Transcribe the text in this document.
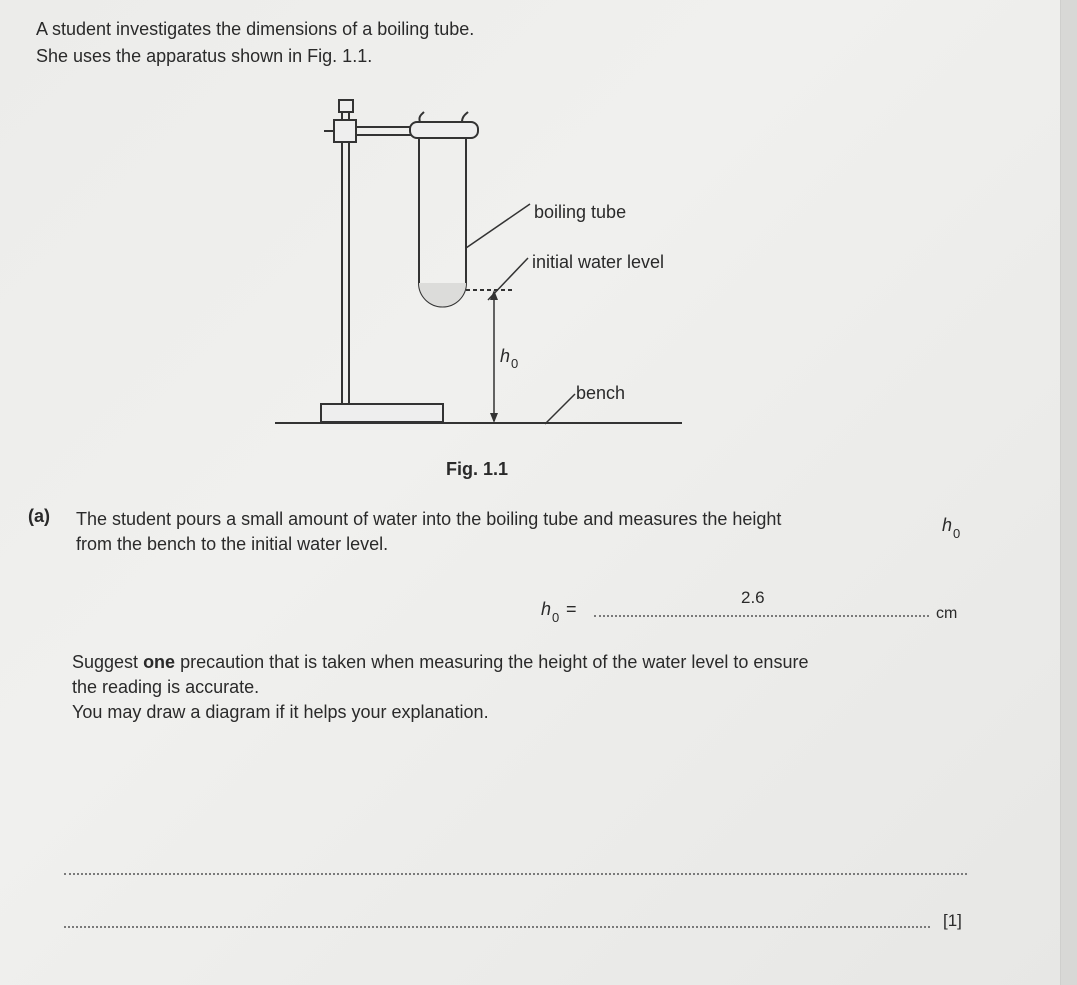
A student investigates the dimensions of a boiling tube.
She uses the apparatus shown in Fig. 1.1.
boiling tube
initial water level
bench
h 0
Fig. 1.1
(a) The student pours a small amount of water into the boiling tube and measures the height	h 0
from the bench to the initial water level.
h 0 =
2.6
cm
Suggest one precaution that is taken when measuring the height of the water level to ensure
the reading is accurate.
You may draw a diagram if it helps your explanation.
[1]
